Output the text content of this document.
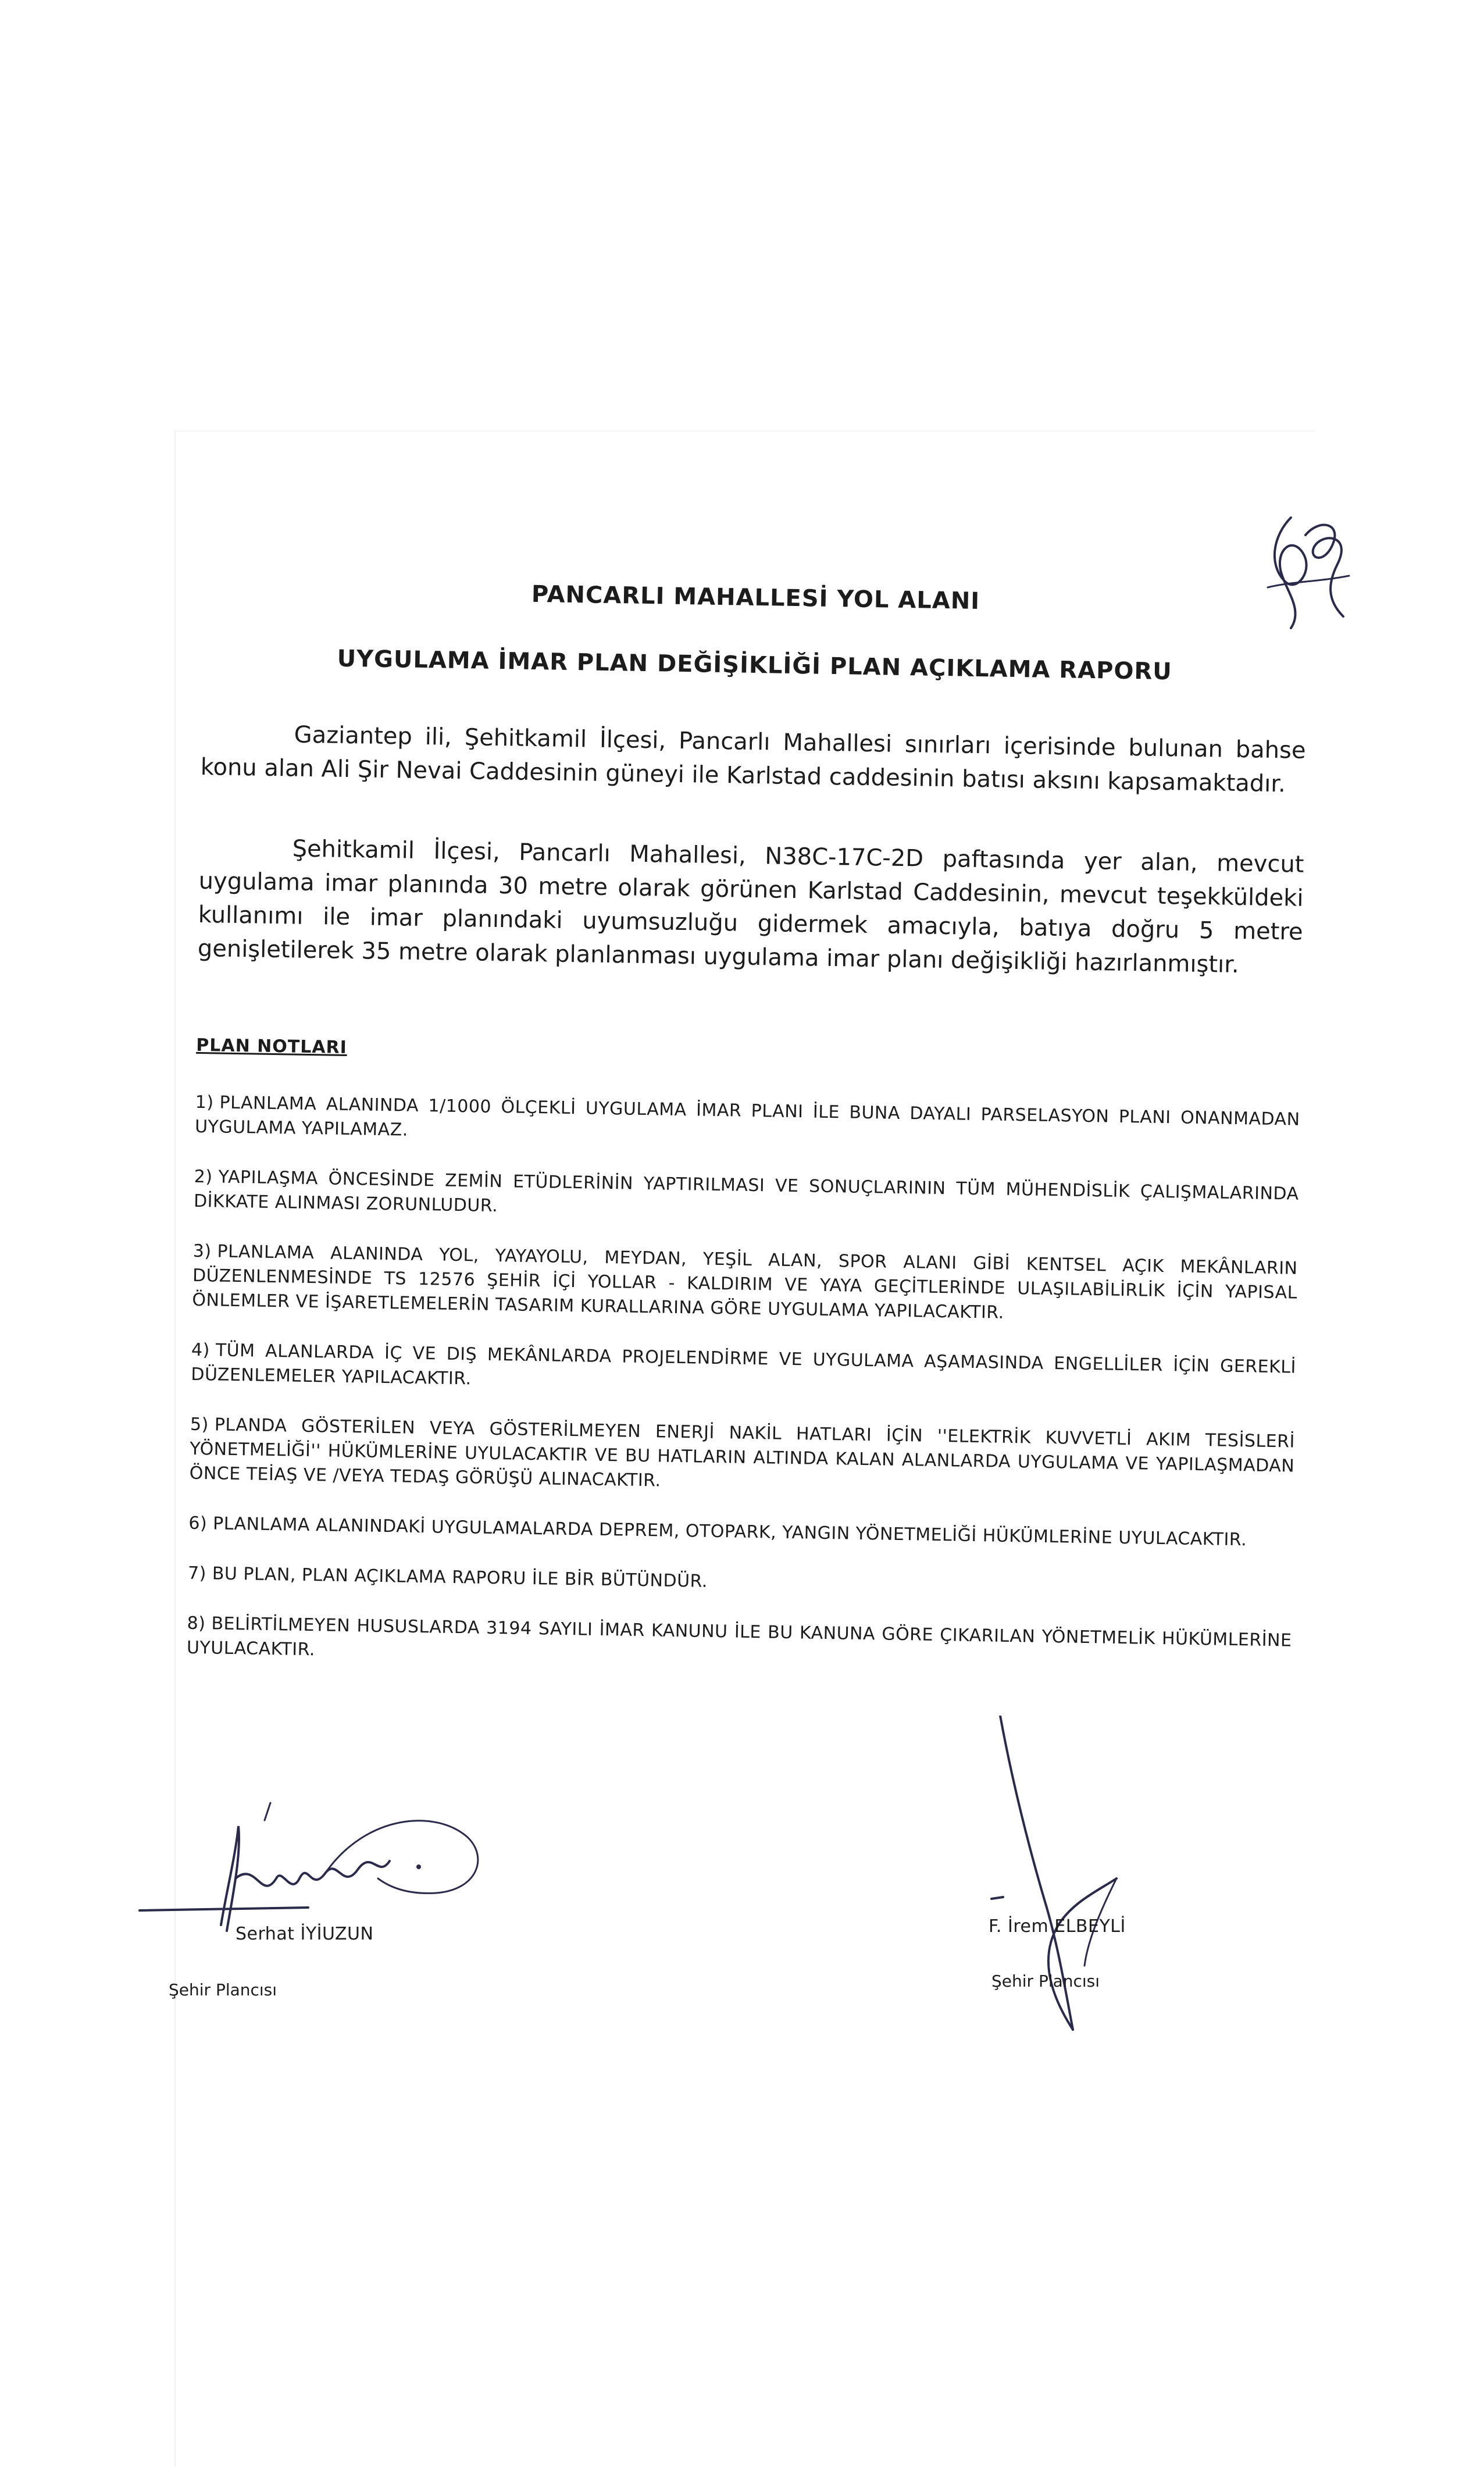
PANCARLI MAHALLESİ YOL ALANI
UYGULAMA İMAR PLAN DEĞİŞİKLİĞİ PLAN AÇIKLAMA RAPORU

Gaziantep ili, Şehitkamil İlçesi, Pancarlı Mahallesi sınırları içerisinde bulunan bahse konu alan Ali Şir Nevai Caddesinin güneyi ile Karlstad caddesinin batısı aksını kapsamaktadır.

Şehitkamil İlçesi, Pancarlı Mahallesi, N38C-17C-2D paftasında yer alan, mevcut uygulama imar planında 30 metre olarak görünen Karlstad Caddesinin, mevcut teşekküldeki kullanımı ile imar planındaki uyumsuzluğu gidermek amacıyla, batıya doğru 5 metre genişletilerek 35 metre olarak planlanması uygulama imar planı değişikliği hazırlanmıştır.

PLAN NOTLARI
1) PLANLAMA ALANINDA 1/1000 ÖLÇEKLİ UYGULAMA İMAR PLANI İLE BUNA DAYALI PARSELASYON PLANI ONANMADAN UYGULAMA YAPILAMAZ.
2) YAPILAŞMA ÖNCESİNDE ZEMİN ETÜDLERİNİN YAPTIRILMASI VE SONUÇLARININ TÜM MÜHENDİSLİK ÇALIŞMALARINDA DİKKATE ALINMASI ZORUNLUDUR.
3) PLANLAMA ALANINDA YOL, YAYAYOLU, MEYDAN, YEŞİL ALAN, SPOR ALANI GİBİ KENTSEL AÇIK MEKÂNLARIN DÜZENLENMESİNDE TS 12576 ŞEHİR İÇİ YOLLAR - KALDIRIM VE YAYA GEÇİTLERİNDE ULAŞILABİLİRLİK İÇİN YAPISAL ÖNLEMLER VE İŞARETLEMELERİN TASARIM KURALLARINA GÖRE UYGULAMA YAPILACAKTIR.
4) TÜM ALANLARDA İÇ VE DIŞ MEKÂNLARDA PROJELENDİRME VE UYGULAMA AŞAMASINDA ENGELLİLER İÇİN GEREKLİ DÜZENLEMELER YAPILACAKTIR.
5) PLANDA GÖSTERİLEN VEYA GÖSTERİLMEYEN ENERJİ NAKİL HATLARI İÇİN ''ELEKTRİK KUVVETLİ AKIM TESİSLERİ YÖNETMELİĞİ'' HÜKÜMLERİNE UYULACAKTIR VE BU HATLARIN ALTINDA KALAN ALANLARDA UYGULAMA VE YAPILAŞMADAN ÖNCE TEİAŞ VE /VEYA TEDAŞ GÖRÜŞÜ ALINACAKTIR.
6) PLANLAMA ALANINDAKİ UYGULAMALARDA DEPREM, OTOPARK, YANGIN YÖNETMELİĞİ HÜKÜMLERİNE UYULACAKTIR.
7) BU PLAN, PLAN AÇIKLAMA RAPORU İLE BİR BÜTÜNDÜR.
8) BELİRTİLMEYEN HUSUSLARDA 3194 SAYILI İMAR KANUNU İLE BU KANUNA GÖRE ÇIKARILAN YÖNETMELİK HÜKÜMLERİNE UYULACAKTIR.
Serhat İYİUZUN
Şehir Plancısı
F. İrem ELBEYLİ
Şehir Plancısı
